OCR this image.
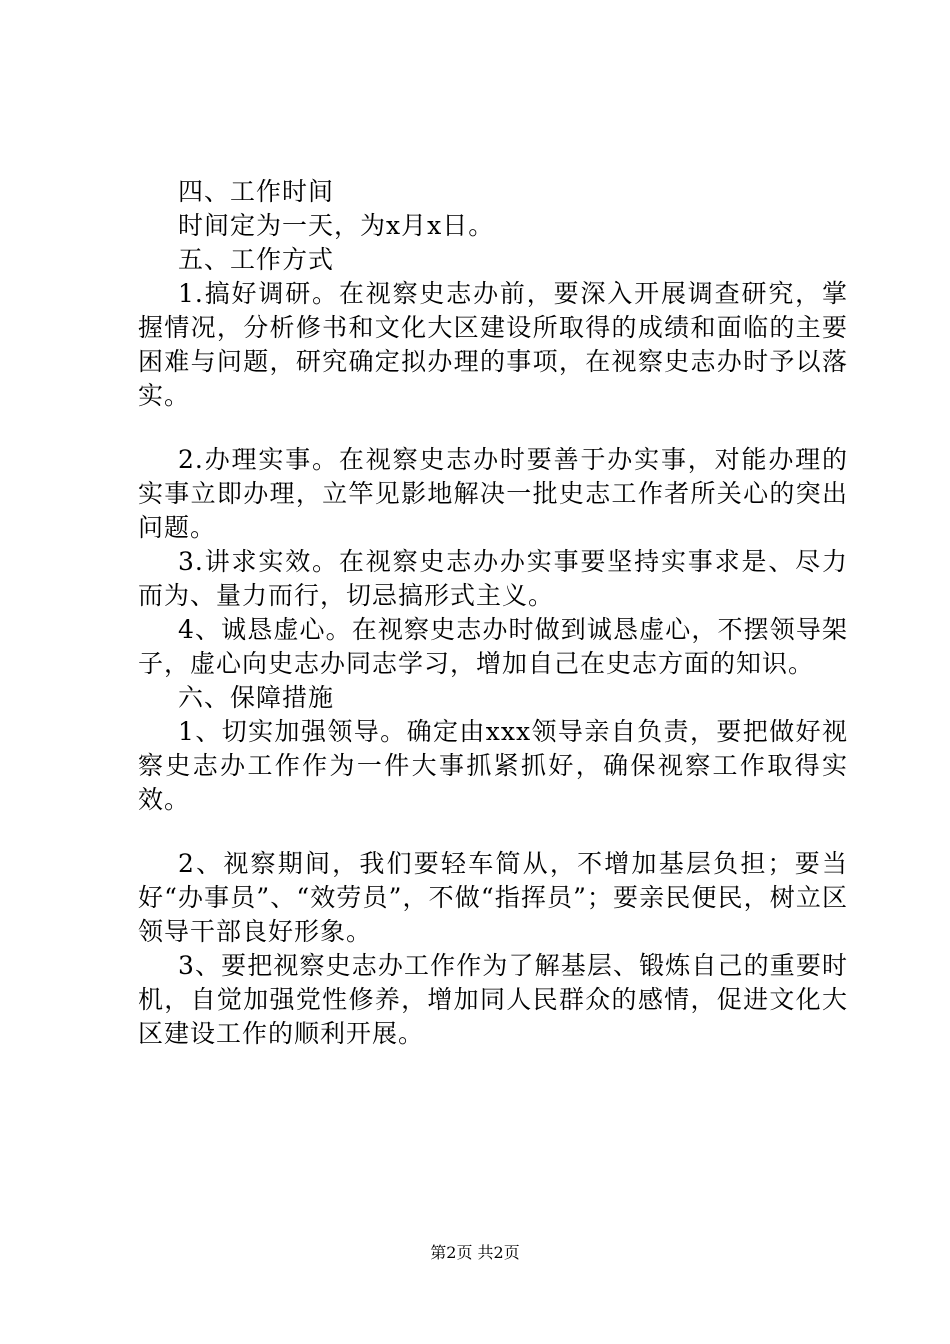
四、工作时间

时间定为一天，为x月x日。

五、工作方式

1.搞好调研。在视察史志办前，要深入开展调查研究，掌握情况，分析修书和文化大区建设所取得的成绩和面临的主要困难与问题，研究确定拟办理的事项，在视察史志办时予以落实。

2.办理实事。在视察史志办时要善于办实事，对能办理的实事立即办理，立竿见影地解决一批史志工作者所关心的突出问题。

3.讲求实效。在视察史志办办实事要坚持实事求是、尽力而为、量力而行，切忌搞形式主义。

4、诚恳虚心。在视察史志办时做到诚恳虚心，不摆领导架子，虚心向史志办同志学习，增加自己在史志方面的知识。

六、保障措施

1、切实加强领导。确定由xxx领导亲自负责，要把做好视察史志办工作作为一件大事抓紧抓好，确保视察工作取得实效。

2、视察期间，我们要轻车简从，不增加基层负担；要当好“办事员”、“效劳员”，不做“指挥员”；要亲民便民，树立区领导干部良好形象。

3、要把视察史志办工作作为了解基层、锻炼自己的重要时机，自觉加强党性修养，增加同人民群众的感情，促进文化大区建设工作的顺利开展。

第2页 共2页
